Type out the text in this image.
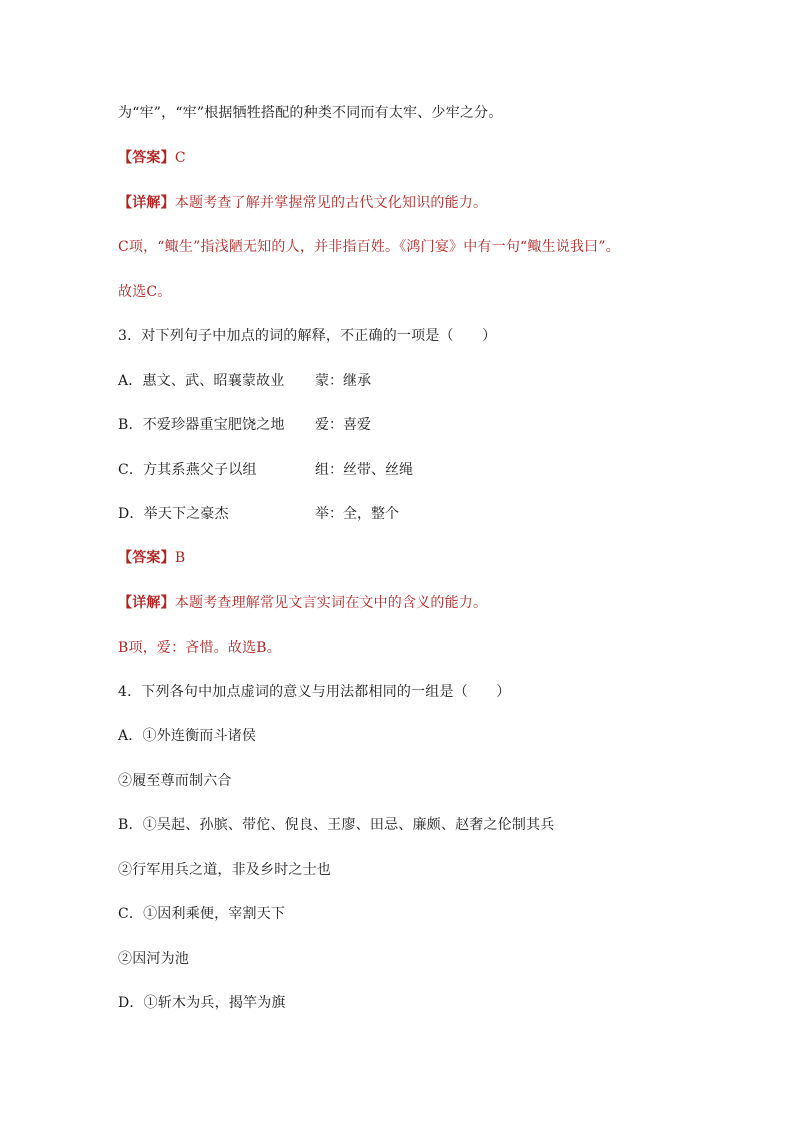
为“牢”，“牢”根据牺牲搭配的种类不同而有太牢、少牢之分。
【答案】C
【详解】本题考查了解并掌握常见的古代文化知识的能力。
C项，“鲰生”指浅陋无知的人，并非指百姓。《鸿门宴》中有一句“鲰生说我曰”。
故选C。
3．对下列句子中加点的词的解释，不正确的一项是（　　）
A．惠文、武、昭襄蒙故业 蒙：继承
B．不爱珍器重宝肥饶之地 爱：喜爱
C．方其系燕父子以组	组：丝带、丝绳
D．举天下之豪杰	举：全，整个
【答案】B
【详解】本题考查理解常见文言实词在文中的含义的能力。
B项，爱：吝惜。故选B。
4．下列各句中加点虚词的意义与用法都相同的一组是（　　）
A．①外连衡而斗诸侯
②履至尊而制六合
B．①吴起、孙膑、带佗、倪良、王廖、田忌、廉颇、赵奢之伦制其兵
②行军用兵之道，非及乡时之士也
C．①因利乘便，宰割天下
②因河为池
D．①斩木为兵，揭竿为旗
